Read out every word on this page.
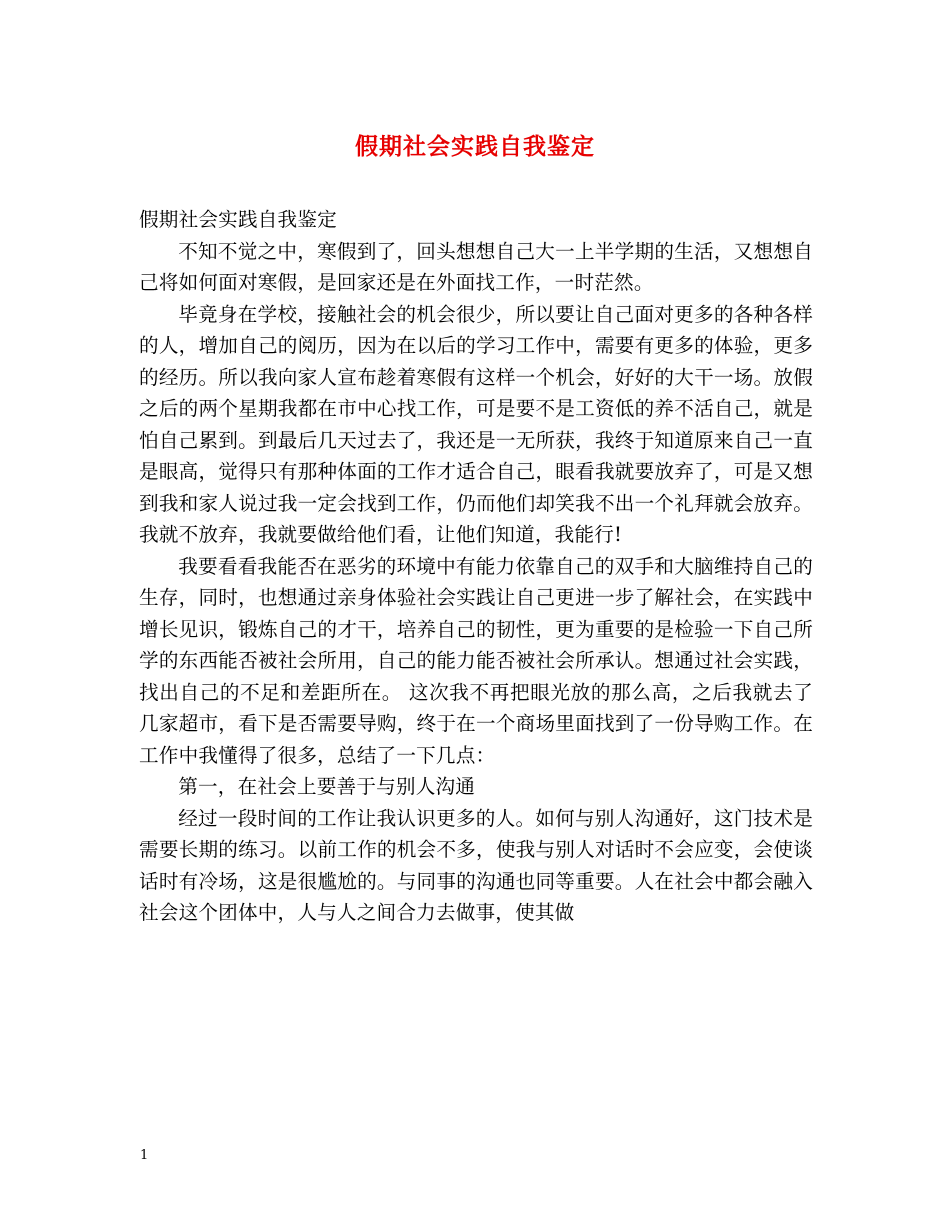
假期社会实践自我鉴定

假期社会实践自我鉴定

不知不觉之中，寒假到了，回头想想自己大一上半学期的生活，又想想自己将如何面对寒假，是回家还是在外面找工作，一时茫然。

毕竟身在学校，接触社会的机会很少，所以要让自己面对更多的各种各样的人，增加自己的阅历，因为在以后的学习工作中，需要有更多的体验，更多的经历。所以我向家人宣布趁着寒假有这样一个机会，好好的大干一场。放假之后的两个星期我都在市中心找工作，可是要不是工资低的养不活自己，就是怕自己累到。到最后几天过去了，我还是一无所获，我终于知道原来自己一直是眼高，觉得只有那种体面的工作才适合自己，眼看我就要放弃了，可是又想到我和家人说过我一定会找到工作，仍而他们却笑我不出一个礼拜就会放弃。我就不放弃，我就要做给他们看，让他们知道，我能行!

我要看看我能否在恶劣的环境中有能力依靠自己的双手和大脑维持自己的生存，同时，也想通过亲身体验社会实践让自己更进一步了解社会，在实践中增长见识，锻炼自己的才干，培养自己的韧性，更为重要的是检验一下自己所学的东西能否被社会所用，自己的能力能否被社会所承认。想通过社会实践，找出自己的不足和差距所在。 这次我不再把眼光放的那么高，之后我就去了几家超市，看下是否需要导购，终于在一个商场里面找到了一份导购工作。在工作中我懂得了很多，总结了一下几点：

第一，在社会上要善于与别人沟通

经过一段时间的工作让我认识更多的人。如何与别人沟通好，这门技术是需要长期的练习。以前工作的机会不多，使我与别人对话时不会应变，会使谈话时有冷场，这是很尴尬的。与同事的沟通也同等重要。人在社会中都会融入社会这个团体中，人与人之间合力去做事，使其做

1
